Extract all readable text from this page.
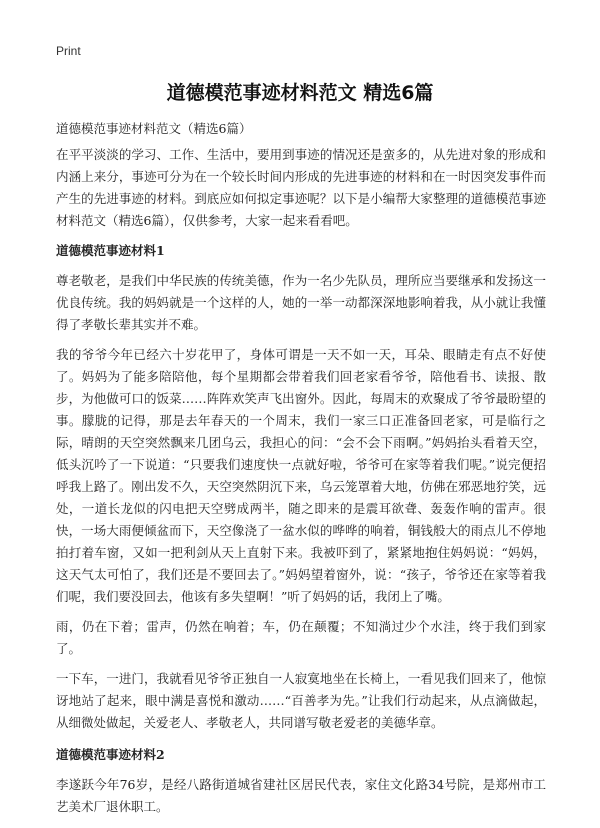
Print
道德模范事迹材料范文 精选6篇

道德模范事迹材料范文（精选6篇）

在平平淡淡的学习、工作、生活中，要用到事迹的情况还是蛮多的，从先进对象的形成和内涵上来分，事迹可分为在一个较长时间内形成的先进事迹的材料和在一时因突发事件而产生的先进事迹的材料。到底应如何拟定事迹呢？以下是小编帮大家整理的道德模范事迹材料范文（精选6篇），仅供参考，大家一起来看看吧。

道德模范事迹材料1

尊老敬老，是我们中华民族的传统美德，作为一名少先队员，理所应当要继承和发扬这一优良传统。我的妈妈就是一个这样的人，她的一举一动都深深地影响着我，从小就让我懂得了孝敬长辈其实并不难。

我的爷爷今年已经六十岁花甲了，身体可谓是一天不如一天，耳朵、眼睛走有点不好使了。妈妈为了能多陪陪他，每个星期都会带着我们回老家看爷爷，陪他看书、读报、散步，为他做可口的饭菜……阵阵欢笑声飞出窗外。因此，每周末的欢聚成了爷爷最盼望的事。朦胧的记得，那是去年春天的一个周末，我们一家三口正准备回老家，可是临行之际，晴朗的天空突然飘来几团乌云，我担心的问：“会不会下雨啊。”妈妈抬头看着天空，低头沉吟了一下说道：“只要我们速度快一点就好啦，爷爷可在家等着我们呢。”说完便招呼我上路了。刚出发不久，天空突然阴沉下来，乌云笼罩着大地，仿佛在邪恶地狞笑，远处，一道长龙似的闪电把天空劈成两半，随之即来的是震耳欲聋、轰轰作响的雷声。很快，一场大雨便倾盆而下，天空像浇了一盆水似的哗哗的响着，铜钱般大的雨点儿不停地拍打着车窗，又如一把利剑从天上直射下来。我被吓到了，紧紧地抱住妈妈说：“妈妈，这天气太可怕了，我们还是不要回去了。”妈妈望着窗外，说：“孩子，爷爷还在家等着我们呢，我们要没回去，他该有多失望啊！”听了妈妈的话，我闭上了嘴。

雨，仍在下着；雷声，仍然在响着；车，仍在颠覆；不知淌过少个水洼，终于我们到家了。

一下车，一进门，我就看见爷爷正独自一人寂寞地坐在长椅上，一看见我们回来了，他惊讶地站了起来，眼中满是喜悦和激动……“百善孝为先。”让我们行动起来，从点滴做起，从细微处做起，关爱老人、孝敬老人，共同谱写敬老爱老的美德华章。

道德模范事迹材料2

李遂跃今年76岁，是经八路街道城省建社区居民代表，家住文化路34号院，是郑州市工艺美术厂退休职工。
